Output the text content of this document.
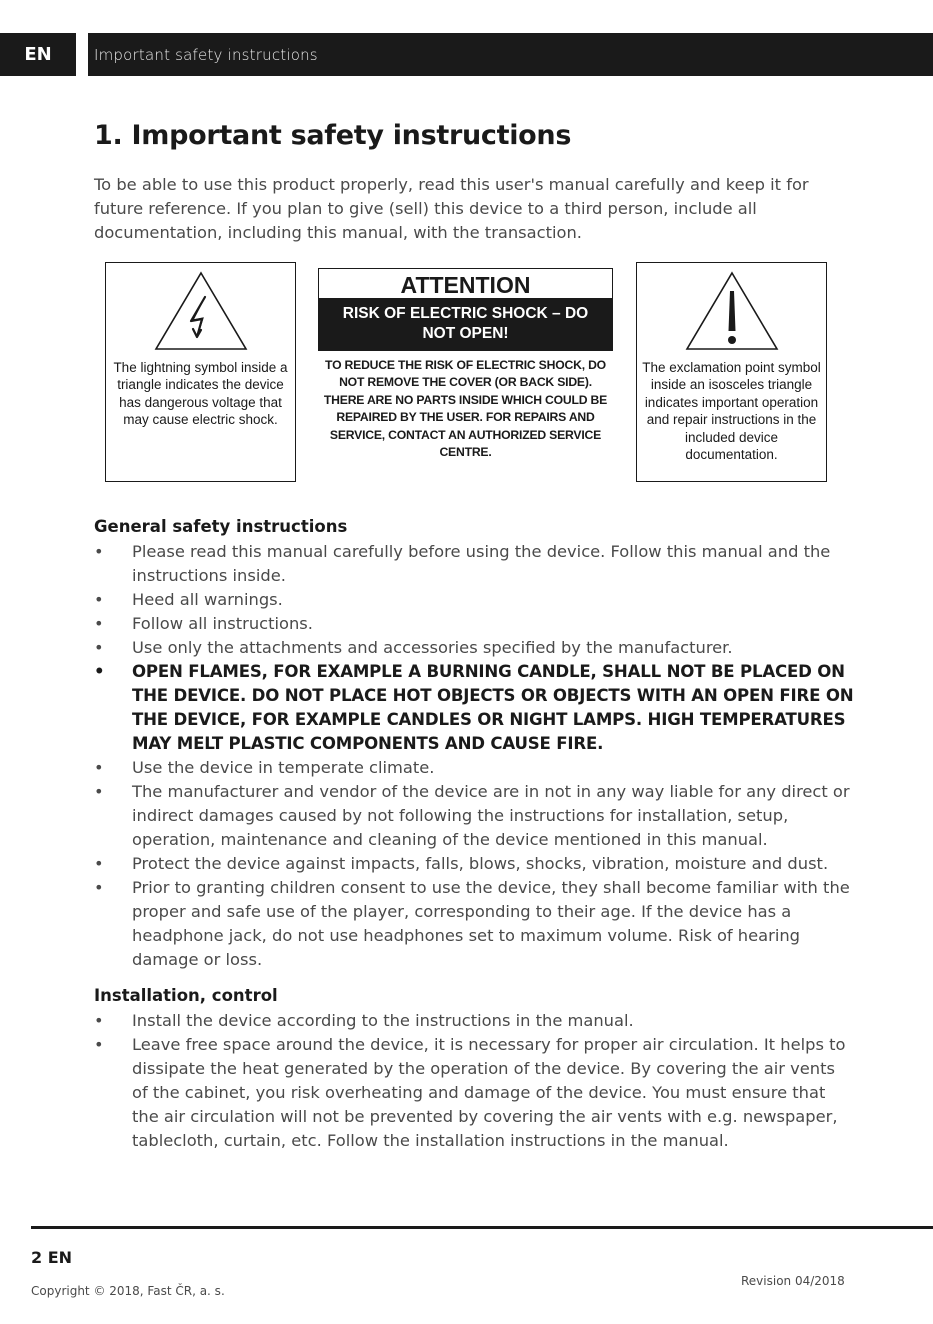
EN	Important safety instructions
1. Important safety instructions

To be able to use this product properly, read this user's manual carefully and keep it for future reference. If you plan to give (sell) this device to a third person, include all documentation, including this manual, with the transaction.

The lightning symbol inside a triangle indicates the device has dangerous voltage that may cause electric shock.
ATTENTION
RISK OF ELECTRIC SHOCK – DO NOT OPEN!
TO REDUCE THE RISK OF ELECTRIC SHOCK, DO NOT REMOVE THE COVER (OR BACK SIDE). THERE ARE NO PARTS INSIDE WHICH COULD BE REPAIRED BY THE USER. FOR REPAIRS AND SERVICE, CONTACT AN AUTHORIZED SERVICE CENTRE.
The exclamation point symbol inside an isosceles triangle indicates important operation and repair instructions in the included device documentation.
General safety instructions
• Please read this manual carefully before using the device. Follow this manual and the instructions inside.
• Heed all warnings.
• Follow all instructions.
• Use only the attachments and accessories specified by the manufacturer.
• OPEN FLAMES, FOR EXAMPLE A BURNING CANDLE, SHALL NOT BE PLACED ON THE DEVICE. DO NOT PLACE HOT OBJECTS OR OBJECTS WITH AN OPEN FIRE ON THE DEVICE, FOR EXAMPLE CANDLES OR NIGHT LAMPS. HIGH TEMPERATURES MAY MELT PLASTIC COMPONENTS AND CAUSE FIRE.
• Use the device in temperate climate.
• The manufacturer and vendor of the device are in not in any way liable for any direct or indirect damages caused by not following the instructions for installation, setup, operation, maintenance and cleaning of the device mentioned in this manual.
• Protect the device against impacts, falls, blows, shocks, vibration, moisture and dust.
• Prior to granting children consent to use the device, they shall become familiar with the proper and safe use of the player, corresponding to their age. If the device has a headphone jack, do not use headphones set to maximum volume. Risk of hearing damage or loss.
Installation, control
• Install the device according to the instructions in the manual.
• Leave free space around the device, it is necessary for proper air circulation. It helps to dissipate the heat generated by the operation of the device. By covering the air vents of the cabinet, you risk overheating and damage of the device. You must ensure that the air circulation will not be prevented by covering the air vents with e.g. newspaper, tablecloth, curtain, etc. Follow the installation instructions in the manual.
2 EN
Copyright © 2018, Fast ČR, a. s.
Revision 04/2018
